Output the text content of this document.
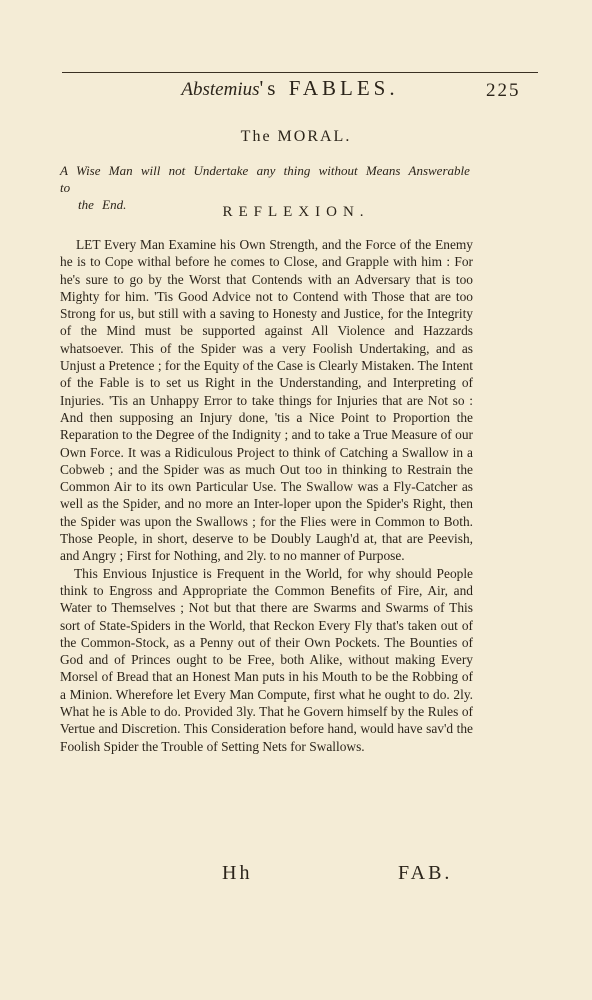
Abstemius's FABLES.	225
The MORAL.
A Wise Man will not Undertake any thing without Means Answerable to
the End.	REFLEXION.

LET Every Man Examine his Own Strength, and the Force of the Enemy he is to Cope withal before he comes to Close, and Grapple with him : For he's sure to go by the Worst that Contends with an Adversary that is too Mighty for him. 'Tis Good Advice not to Contend with Those that are too Strong for us, but still with a saving to Honesty and Justice, for the Integrity of the Mind must be supported against All Violence and Hazzards whatsoever. This of the Spider was a very Foolish Undertaking, and as Unjust a Pretence ; for the Equity of the Case is Clearly Mistaken. The Intent of the Fable is to set us Right in the Understanding, and Interpreting of Injuries. 'Tis an Unhappy Error to take things for Injuries that are Not so : And then supposing an Injury done, 'tis a Nice Point to Proportion the Reparation to the Degree of the Indignity ; and to take a True Measure of our Own Force. It was a Ridiculous Project to think of Catching a Swallow in a Cobweb ; and the Spider was as much Out too in thinking to Restrain the Common Air to its own Particular Use. The Swallow was a Fly-Catcher as well as the Spider, and no more an Inter-loper upon the Spider's Right, then the Spider was upon the Swallows ; for the Flies were in Common to Both. Those People, in short, deserve to be Doubly Laugh'd at, that are Peevish, and Angry ; First for Nothing, and 2ly. to no manner of Purpose.

This Envious Injustice is Frequent in the World, for why should People think to Engross and Appropriate the Common Benefits of Fire, Air, and Water to Themselves ; Not but that there are Swarms and Swarms of This sort of State-Spiders in the World, that Reckon Every Fly that's taken out of the Common-Stock, as a Penny out of their Own Pockets. The Bounties of God and of Princes ought to be Free, both Alike, without making Every Morsel of Bread that an Honest Man puts in his Mouth to be the Robbing of a Minion. Wherefore let Every Man Compute, first what he ought to do. 2ly. What he is Able to do. Provided 3ly. That he Govern himself by the Rules of Vertue and Discretion. This Consideration before hand, would have sav'd the Foolish Spider the Trouble of Setting Nets for Swallows.

Hh	FAB.
